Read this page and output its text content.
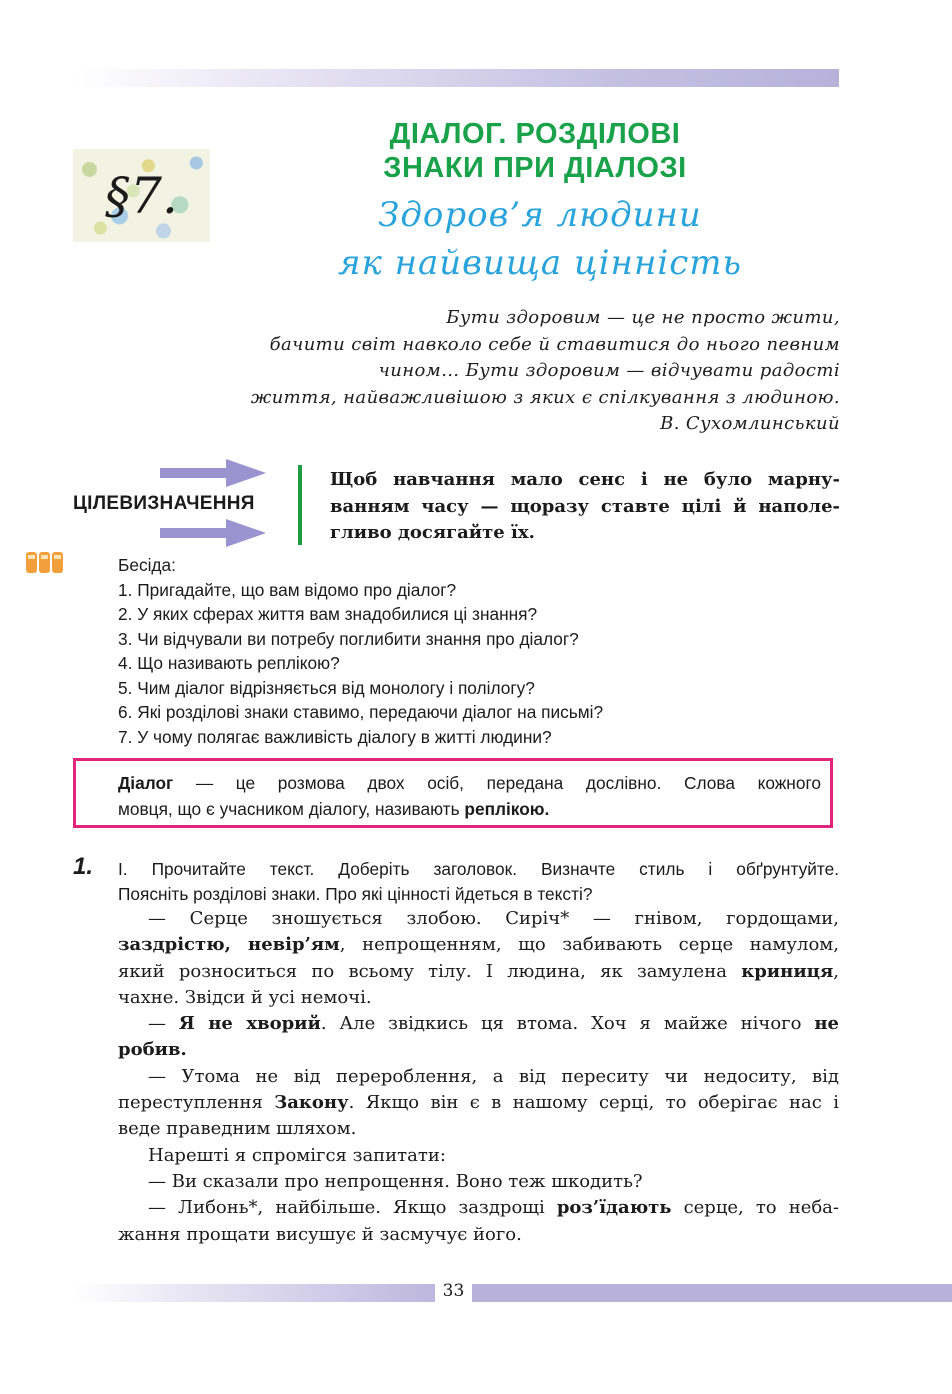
§7.
ДІАЛОГ. РОЗДІЛОВІ
ЗНАКИ ПРИ ДІАЛОЗІ
Здоров’я людини
як найвища цінність
Бути здоровим — це не просто жити,
бачити світ навколо себе й ставитися до нього певним
чином… Бути здоровим — відчувати радості
життя, найважливішою з яких є спілкування з людиною.
В. Сухомлинський
ЦІЛЕВИЗНАЧЕННЯ
Щоб навчання мало сенс і не було марну-
ванням часу — щоразу ставте цілі й наполе-
гливо досягайте їх.
Бесіда:
1. Пригадайте, що вам відомо про діалог?
2. У яких сферах життя вам знадобилися ці знання?
3. Чи відчували ви потребу поглибити знання про діалог?
4. Що називають реплікою?
5. Чим діалог відрізняється від монологу і полілогу?
6. Які розділові знаки ставимо, передаючи діалог на письмі?
7. У чому полягає важливість діалогу в житті людини?
Діалог — це розмова двох осіб, передана дослівно. Слова кожного
мовця, що є учасником діалогу, називають реплікою.
1. І. Прочитайте текст. Доберіть заголовок. Визначте стиль і обґрунтуйте.
Поясніть розділові знаки. Про які цінності йдеться в тексті?
— Серце зношується злобою. Сиріч* — гнівом, гордощами,
заздрістю, невір’ям, непрощенням, що забивають серце намулом,
який розноситься по всьому тілу. І людина, як замулена криниця,
чахне. Звідси й усі немочі.
— Я не хворий. Але звідкись ця втома. Хоч я майже нічого не
робив.
— Утома не від перероблення, а від переситу чи недоситу, від
переступлення Закону. Якщо він є в нашому серці, то оберігає нас і
веде праведним шляхом.
Нарешті я спромігся запитати:
— Ви сказали про непрощення. Воно теж шкодить?
— Либонь*, найбільше. Якщо заздрощі роз’їдають серце, то неба-
жання прощати висушує й засмучує його.
33
